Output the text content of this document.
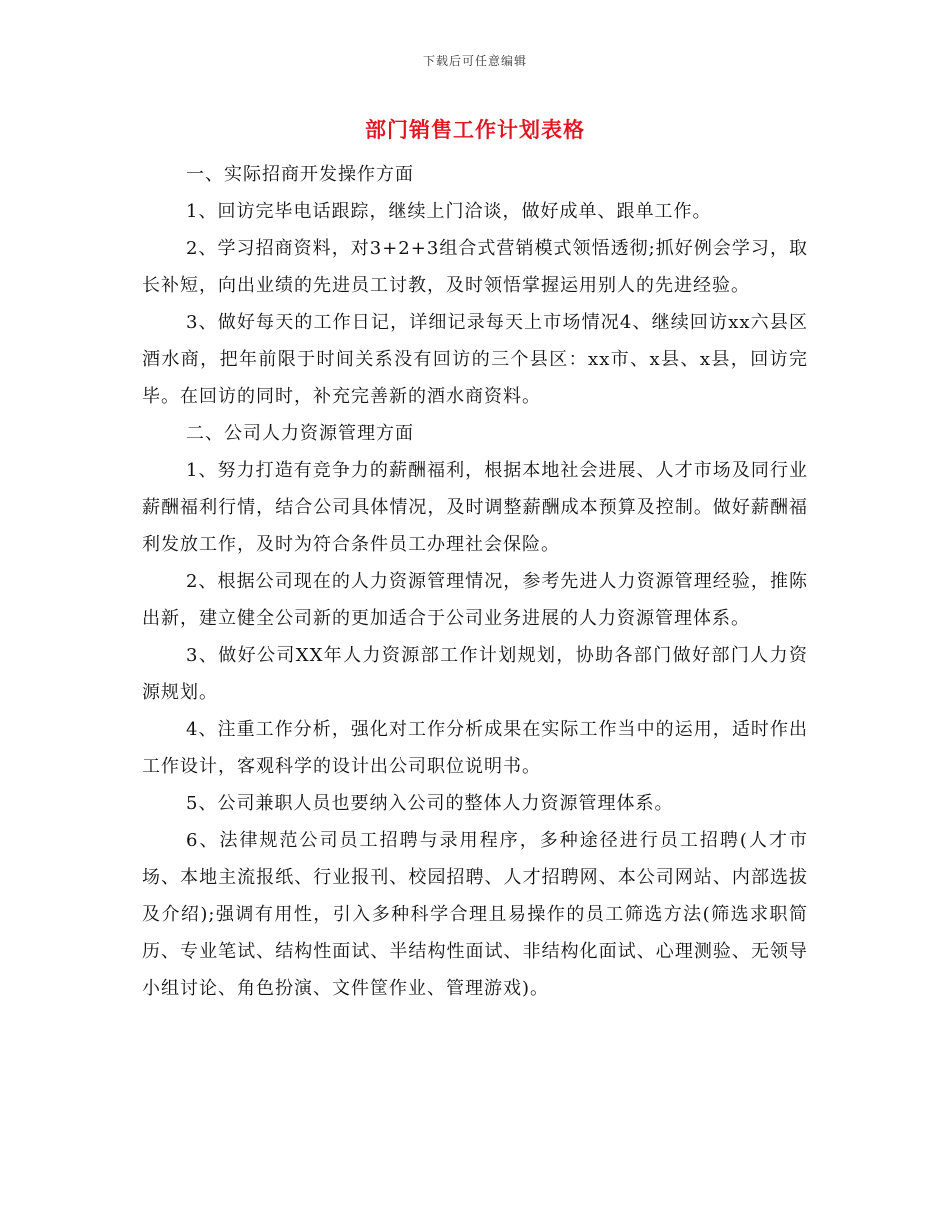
下载后可任意编辑
部门销售工作计划表格

一、实际招商开发操作方面

1、回访完毕电话跟踪，继续上门洽谈，做好成单、跟单工作。

2、学习招商资料，对3+2+3组合式营销模式领悟透彻;抓好例会学习，取长补短，向出业绩的先进员工讨教，及时领悟掌握运用别人的先进经验。

3、做好每天的工作日记，详细记录每天上市场情况4、继续回访xx六县区酒水商，把年前限于时间关系没有回访的三个县区：xx市、x县、x县，回访完毕。在回访的同时，补充完善新的酒水商资料。

二、公司人力资源管理方面

1、努力打造有竞争力的薪酬福利，根据本地社会进展、人才市场及同行业薪酬福利行情，结合公司具体情况，及时调整薪酬成本预算及控制。做好薪酬福利发放工作，及时为符合条件员工办理社会保险。

2、根据公司现在的人力资源管理情况，参考先进人力资源管理经验，推陈出新，建立健全公司新的更加适合于公司业务进展的人力资源管理体系。

3、做好公司XX年人力资源部工作计划规划，协助各部门做好部门人力资源规划。

4、注重工作分析，强化对工作分析成果在实际工作当中的运用，适时作出工作设计，客观科学的设计出公司职位说明书。

5、公司兼职人员也要纳入公司的整体人力资源管理体系。

6、法律规范公司员工招聘与录用程序，多种途径进行员工招聘(人才市场、本地主流报纸、行业报刊、校园招聘、人才招聘网、本公司网站、内部选拔及介绍);强调有用性，引入多种科学合理且易操作的员工筛选方法(筛选求职简历、专业笔试、结构性面试、半结构性面试、非结构化面试、心理测验、无领导小组讨论、角色扮演、文件筐作业、管理游戏)。
